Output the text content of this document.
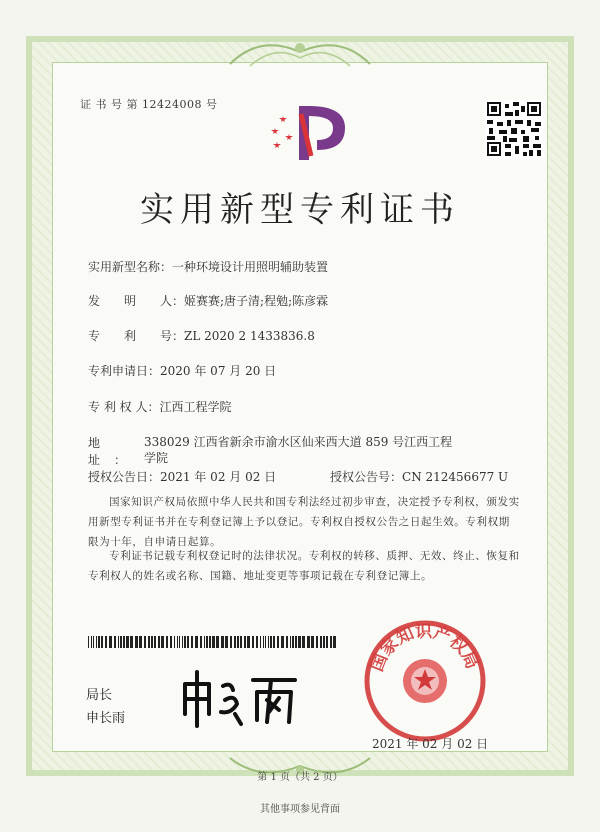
证 书 号 第 12424008 号
实用新型专利证书
实用新型名称：一种环境设计用照明辅助装置
发　　明　　人：姬赛赛;唐子清;程勉;陈彦霖
专　　利　　号：ZL 2020 2 1433836.8
专利申请日：2020 年 07 月 20 日
专 利 权 人：江西工程学院
地址：338029 江西省新余市渝水区仙来西大道 859 号江西工程学院
授权公告日：2021 年 02 月 02 日	授权公告号：CN 212456677 U
国家知识产权局依照中华人民共和国专利法经过初步审查，决定授予专利权，颁发实用新型专利证书并在专利登记簿上予以登记。专利权自授权公告之日起生效。专利权期限为十年，自申请日起算。
专利证书记载专利权登记时的法律状况。专利权的转移、质押、无效、终止、恢复和专利权人的姓名或名称、国籍、地址变更等事项记载在专利登记簿上。
局长
申长雨
国家知识产权局
2021 年 02 月 02 日
第 1 页（共 2 页）
其他事项参见背面
